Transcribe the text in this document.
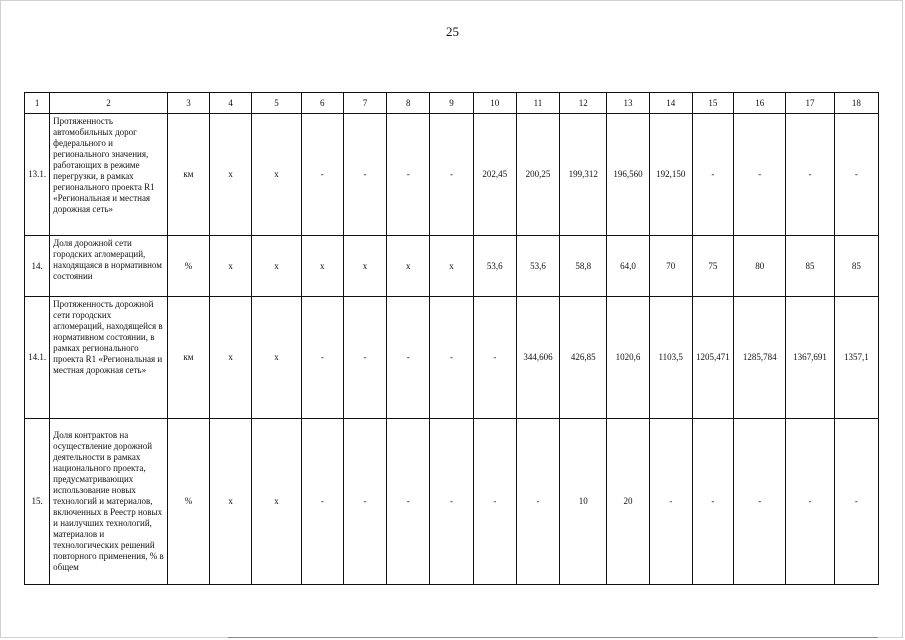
25
1	2	3	4	5	6	7	8	9	10	11	12	13	14	15	16	17	18
13.1.	Протяженность автомобильных дорог федерального и регионального значения, работающих в режиме перегрузки, в рамках регионального проекта R1 «Региональная и местная дорожная сеть»	км	х	х	-	-	-	-	202,45	200,25	199,312	196,560	192,150	-	-	-	-
14.	Доля дорожной сети городских агломераций, находящаяся в нормативном состоянии	%	х	х	х	х	х	х	53,6	53,6	58,8	64,0	70	75	80	85	85
14.1.	Протяженность дорожной сети городских агломераций, находящейся в нормативном состоянии, в рамках регионального проекта R1 «Региональная и местная дорожная сеть»	км	х	х	-	-	-	-	-	344,606	426,85	1020,6	1103,5	1205,471	1285,784	1367,691	1357,1
15.	Доля контрактов на осуществление дорожной деятельности в рамках национального проекта, предусматривающих использование новых технологий и материалов, включенных в Реестр новых и наилучших технологий, материалов и технологических решений повторного применения, % в общем	%	х	х	-	-	-	-	-	-	10	20	-	-	-	-	-
